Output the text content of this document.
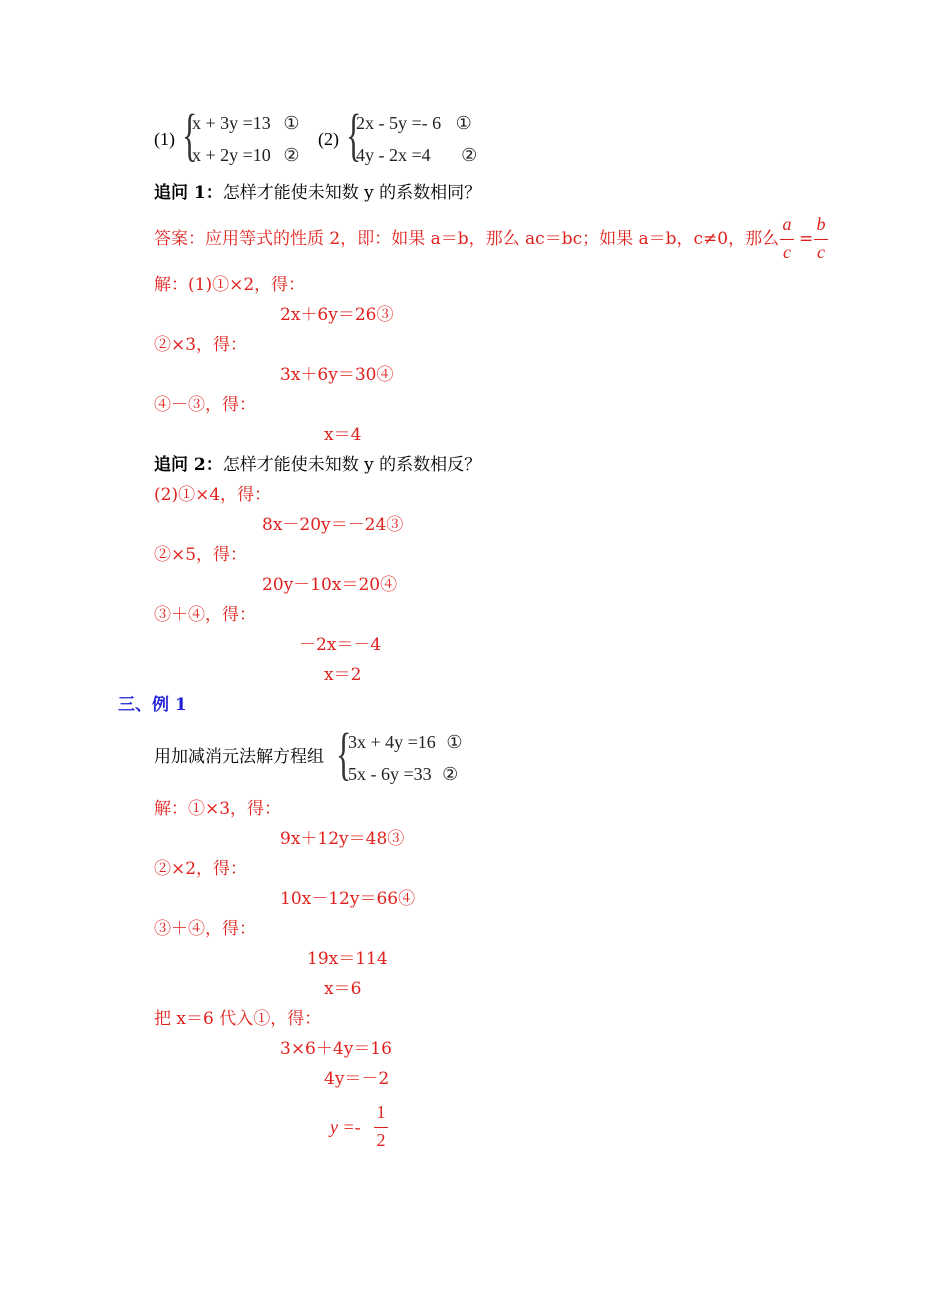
(1) {
x + 3y =13 ①
x + 2y =10 ②
(2) {
2x - 5y =- 6 ①
4y - 2x =4 ②
追问 1：怎样才能使未知数 y 的系数相同？
答案：应用等式的性质 2，即：如果 a＝b，那么 ac＝bc；如果 a＝b，c≠0，那么
a
c
=
b
c
解：(1)①×2，得：
2x＋6y＝26③
②×3，得：
3x＋6y＝30④
④－③，得：
x＝4
追问 2：怎样才能使未知数 y 的系数相反？
(2)①×4，得：
8x－20y＝－24③
②×5，得：
20y－10x＝20④
③＋④，得：
－2x＝－4
x＝2
三、例 1
用加减消元法解方程组 {
3x + 4y =16 ①
5x - 6y =33 ②
解：①×3，得：
9x＋12y＝48③
②×2，得：
10x－12y＝66④
③＋④，得：
19x＝114
x＝6
把 x＝6 代入①，得：
3×6＋4y＝16
4y＝－2
y =-
1
2
